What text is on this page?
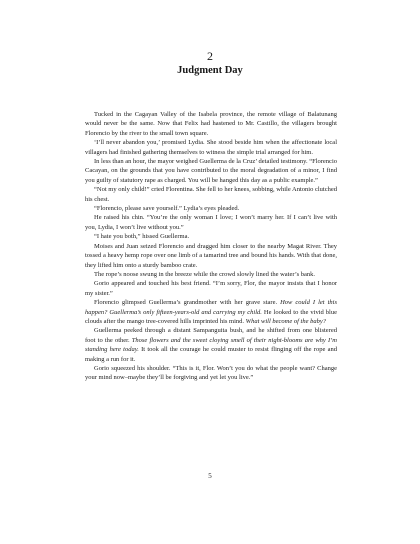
2
Judgment Day

Tucked in the Cagayan Valley of the Isabela province, the remote village of Balatunang would never be the same. Now that Felix had hastened to Mr. Castillo, the villagers brought Florencio by the river to the small town square.

‘I’ll never abandon you,’ promised Lydia. She stood beside him when the affectionate local villagers had finished gathering themselves to witness the simple trial arranged for him.

In less than an hour, the mayor weighed Guellerma de la Cruz’ detailed testimony. “Florencio Cacayan, on the grounds that you have contributed to the moral degradation of a minor, I find you guilty of statutory rape as charged. You will be hanged this day as a public example.”

“Not my only child!” cried Florentina. She fell to her knees, sobbing, while Antonio clutched his chest.

“Florencio, please save yourself.” Lydia’s eyes pleaded.

He raised his chin. “You’re the only woman I love; I won’t marry her. If I can’t live with you, Lydia, I won’t live without you.”

“I hate you both,” hissed Guellerma.

Moises and Juan seized Florencio and dragged him closer to the nearby Magat River. They tossed a heavy hemp rope over one limb of a tamarind tree and bound his hands. With that done, they lifted him onto a sturdy bamboo crate.

The rope’s noose swung in the breeze while the crowd slowly lined the water’s bank.

Gorio appeared and touched his best friend. “I’m sorry, Flor, the mayor insists that I honor my sister.”

Florencio glimpsed Guellerma’s grandmother with her grave stare. How could I let this happen? Guellerma’s only fifteen-years-old and carrying my child. He looked to the vivid blue clouds after the mango tree-covered hills imprinted his mind. What will become of the baby?

Guellerma peeked through a distant Sampanguita bush, and he shifted from one blistered foot to the other. Those flowers and the sweet cloying smell of their night-blooms are why I’m standing here today. It took all the courage he could muster to resist flinging off the rope and making a run for it.

Gorio squeezed his shoulder. “This is it, Flor. Won’t you do what the people want? Change your mind now–maybe they’ll be forgiving and yet let you live.”

5
